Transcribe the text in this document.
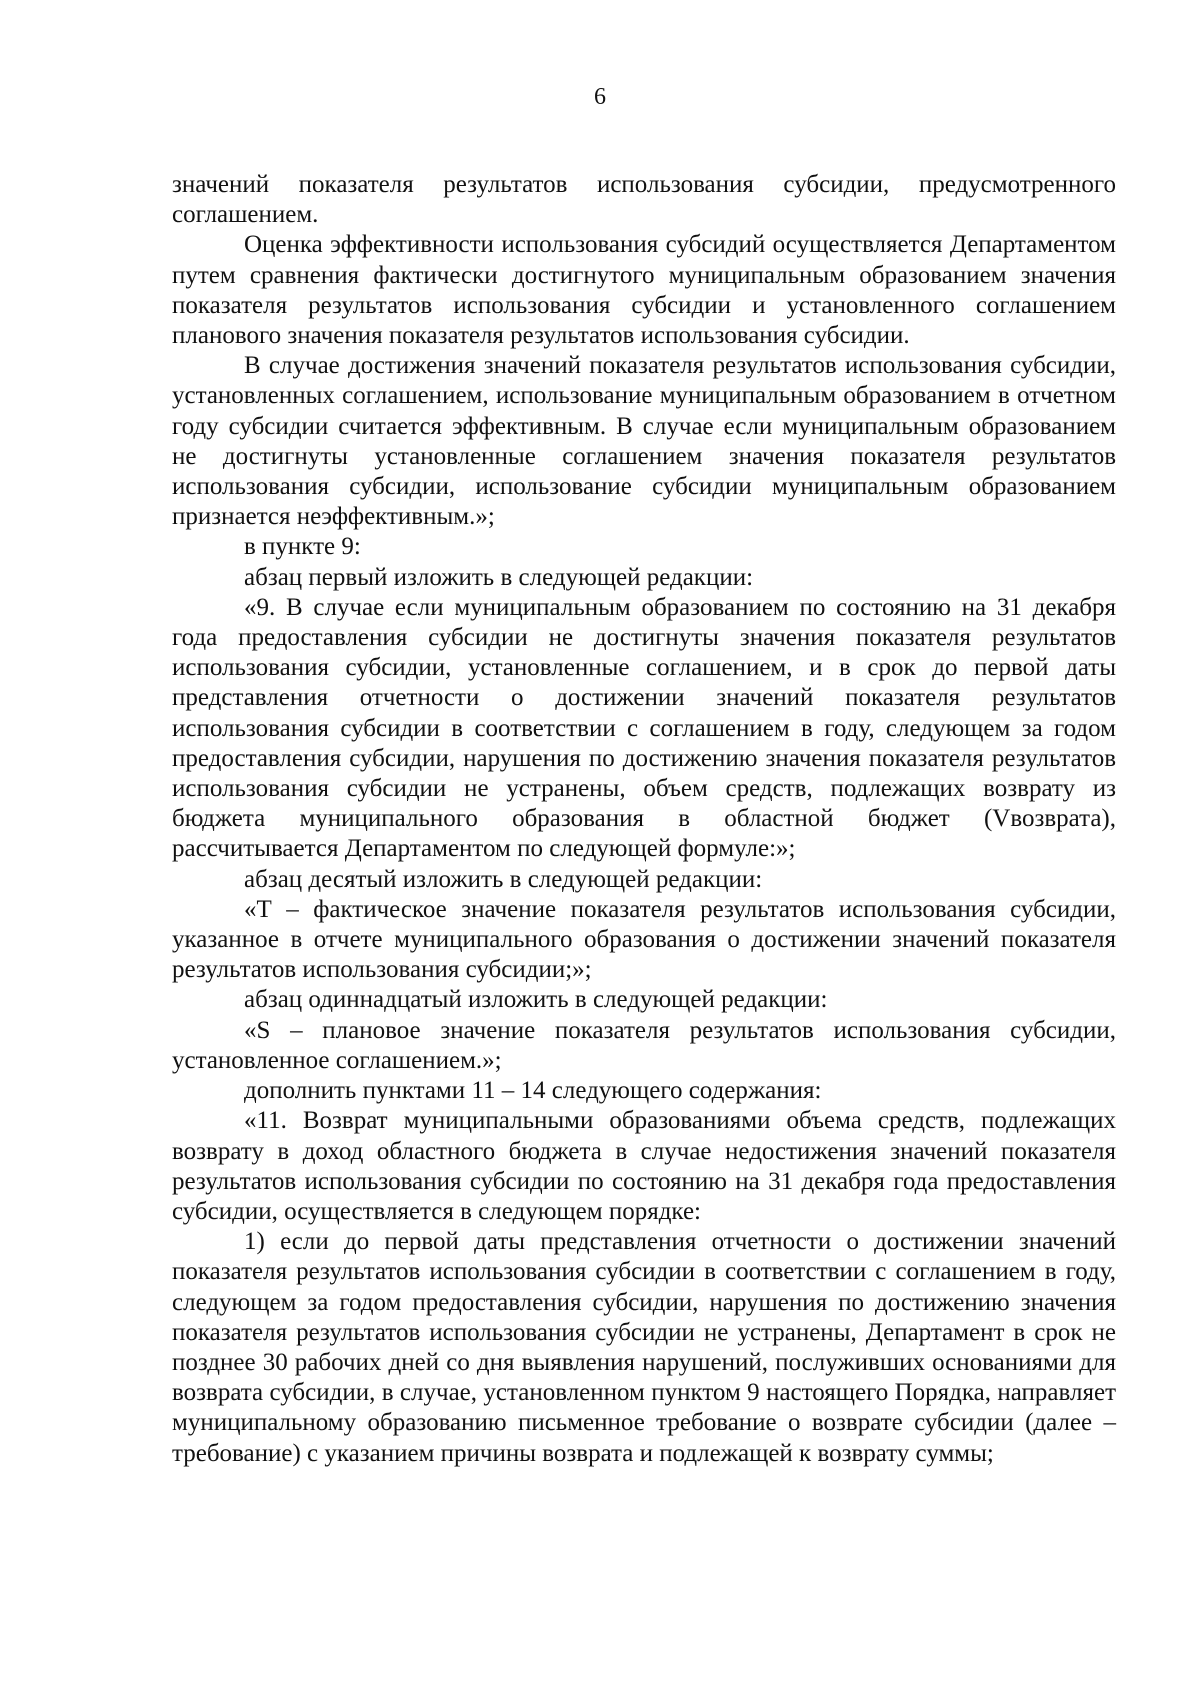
6

значений показателя результатов использования субсидии, предусмотренного соглашением.

Оценка эффективности использования субсидий осуществляется Департаментом путем сравнения фактически достигнутого муниципальным образованием значения показателя результатов использования субсидии и установленного соглашением планового значения показателя результатов использования субсидии.

В случае достижения значений показателя результатов использования субсидии, установленных соглашением, использование муниципальным образованием в отчетном году субсидии считается эффективным. В случае если муниципальным образованием не достигнуты установленные соглашением значения показателя результатов использования субсидии, использование субсидии муниципальным образованием признается неэффективным.»;

в пункте 9:

абзац первый изложить в следующей редакции:

«9. В случае если муниципальным образованием по состоянию на 31 декабря года предоставления субсидии не достигнуты значения показателя результатов использования субсидии, установленные соглашением, и в срок до первой даты представления отчетности о достижении значений показателя результатов использования субсидии в соответствии с соглашением в году, следующем за годом предоставления субсидии, нарушения по достижению значения показателя результатов использования субсидии не устранены, объем средств, подлежащих возврату из бюджета муниципального образования в областной бюджет (Vвозврата), рассчитывается Департаментом по следующей формуле:»;

абзац десятый изложить в следующей редакции:

«Т – фактическое значение показателя результатов использования субсидии, указанное в отчете муниципального образования о достижении значений показателя результатов использования субсидии;»;

абзац одиннадцатый изложить в следующей редакции:

«S – плановое значение показателя результатов использования субсидии, установленное соглашением.»;

дополнить пунктами 11 – 14 следующего содержания:

«11. Возврат муниципальными образованиями объема средств, подлежащих возврату в доход областного бюджета в случае недостижения значений показателя результатов использования субсидии по состоянию на 31 декабря года предоставления субсидии, осуществляется в следующем порядке:

1) если до первой даты представления отчетности о достижении значений показателя результатов использования субсидии в соответствии с соглашением в году, следующем за годом предоставления субсидии, нарушения по достижению значения показателя результатов использования субсидии не устранены, Департамент в срок не позднее 30 рабочих дней со дня выявления нарушений, послуживших основаниями для возврата субсидии, в случае, установленном пунктом 9 настоящего Порядка, направляет муниципальному образованию письменное требование о возврате субсидии (далее – требование) с указанием причины возврата и подлежащей к возврату суммы;
